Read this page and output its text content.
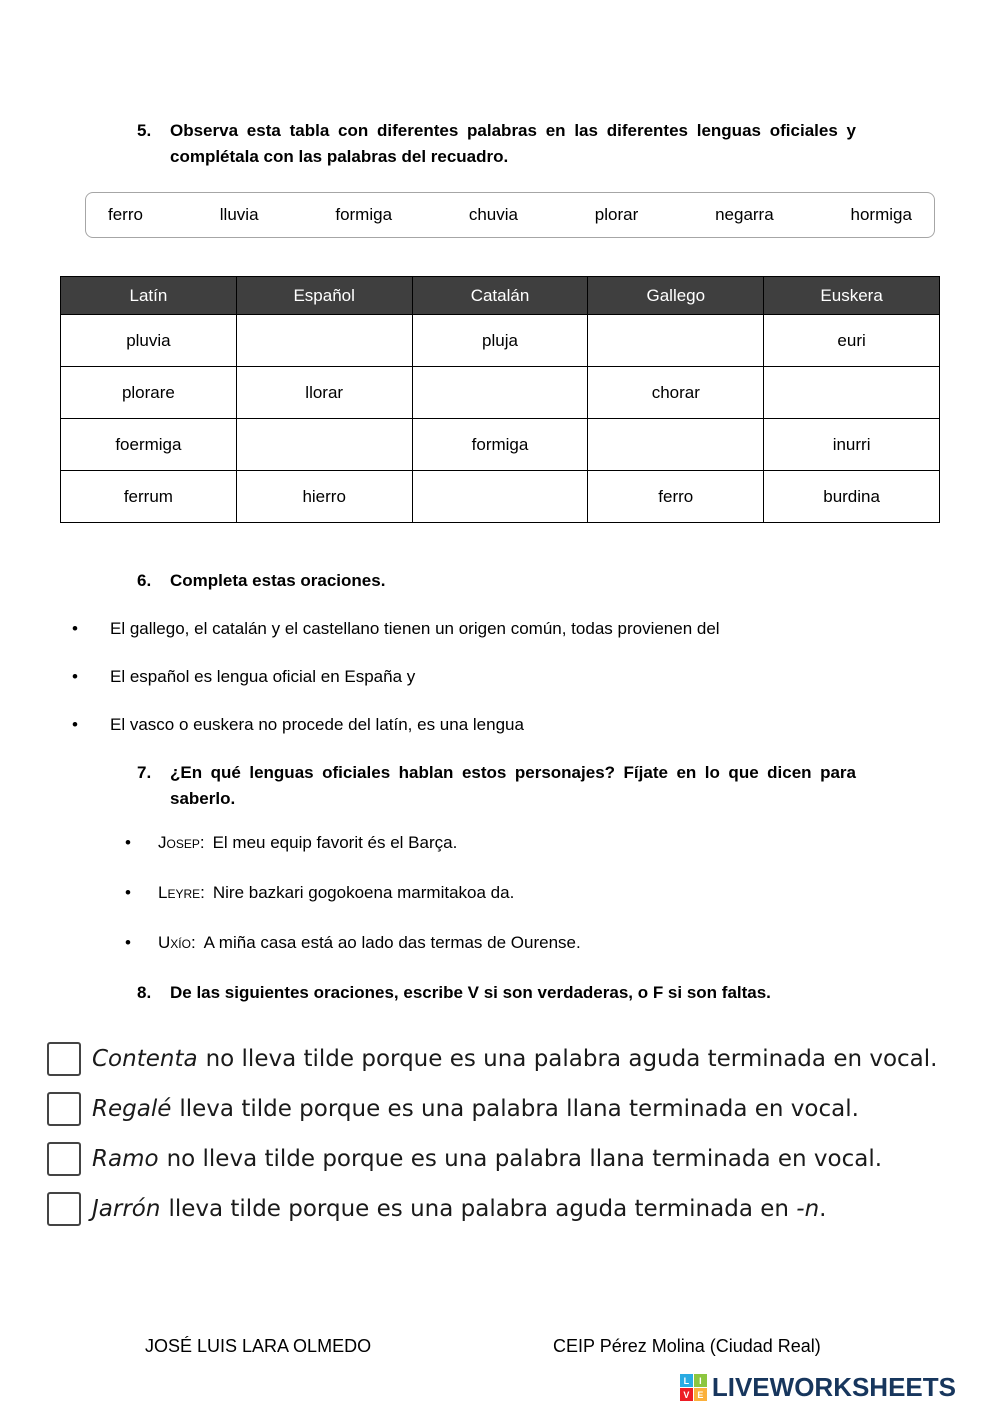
5.	Observa esta tabla con diferentes palabras en las diferentes lenguas oficiales y complétala con las palabras del recuadro.
ferro	lluvia	formiga	chuvia	plorar	negarra	hormiga
Latín	Español	Catalán	Gallego	Euskera
pluvia		pluja		euri
plorare	llorar		chorar	
foermiga		formiga		inurri
ferrum	hierro		ferro	burdina
6.	Completa estas oraciones.
• El gallego, el catalán y el castellano tienen un origen común, todas provienen del
• El español es lengua oficial en España y
• El vasco o euskera no procede del latín, es una lengua
7.	¿En qué lenguas oficiales hablan estos personajes? Fíjate en lo que dicen para saberlo.
• Josep: El meu equip favorit és el Barça.
• Leyre: Nire bazkari gogokoena marmitakoa da.
• Uxío: A miña casa está ao lado das termas de Ourense.
8.	De las siguientes oraciones, escribe V si son verdaderas, o F si son faltas.
Contenta no lleva tilde porque es una palabra aguda terminada en vocal.
Regalé lleva tilde porque es una palabra llana terminada en vocal.
Ramo no lleva tilde porque es una palabra llana terminada en vocal.
Jarrón lleva tilde porque es una palabra aguda terminada en -n.
JOSÉ LUIS LARA OLMEDO	CEIP Pérez Molina (Ciudad Real)
L	I
V E LIVEWORKSHEETS
